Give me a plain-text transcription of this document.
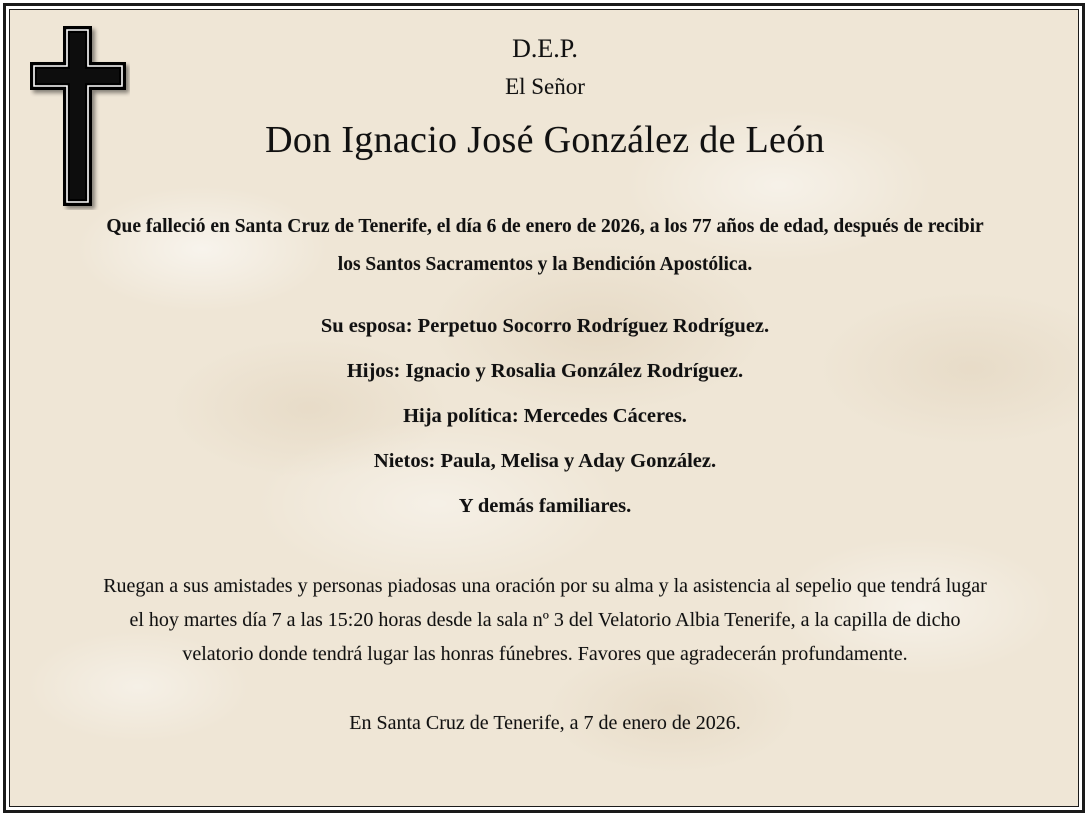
D.E.P.

El Señor

Don Ignacio José González de León

Que falleció en Santa Cruz de Tenerife, el día 6 de enero de 2026, a los 77 años de edad, después de recibir
los Santos Sacramentos y la Bendición Apostólica.

Su esposa: Perpetuo Socorro Rodríguez Rodríguez.

Hijos: Ignacio y Rosalia González Rodríguez.

Hija política: Mercedes Cáceres.

Nietos: Paula, Melisa y Aday González.

Y demás familiares.

Ruegan a sus amistades y personas piadosas una oración por su alma y la asistencia al sepelio que tendrá lugar
el hoy martes día 7 a las 15:20 horas desde la sala nº 3 del Velatorio Albia Tenerife, a la capilla de dicho
velatorio donde tendrá lugar las honras fúnebres. Favores que agradecerán profundamente.

En Santa Cruz de Tenerife, a 7 de enero de 2026.
